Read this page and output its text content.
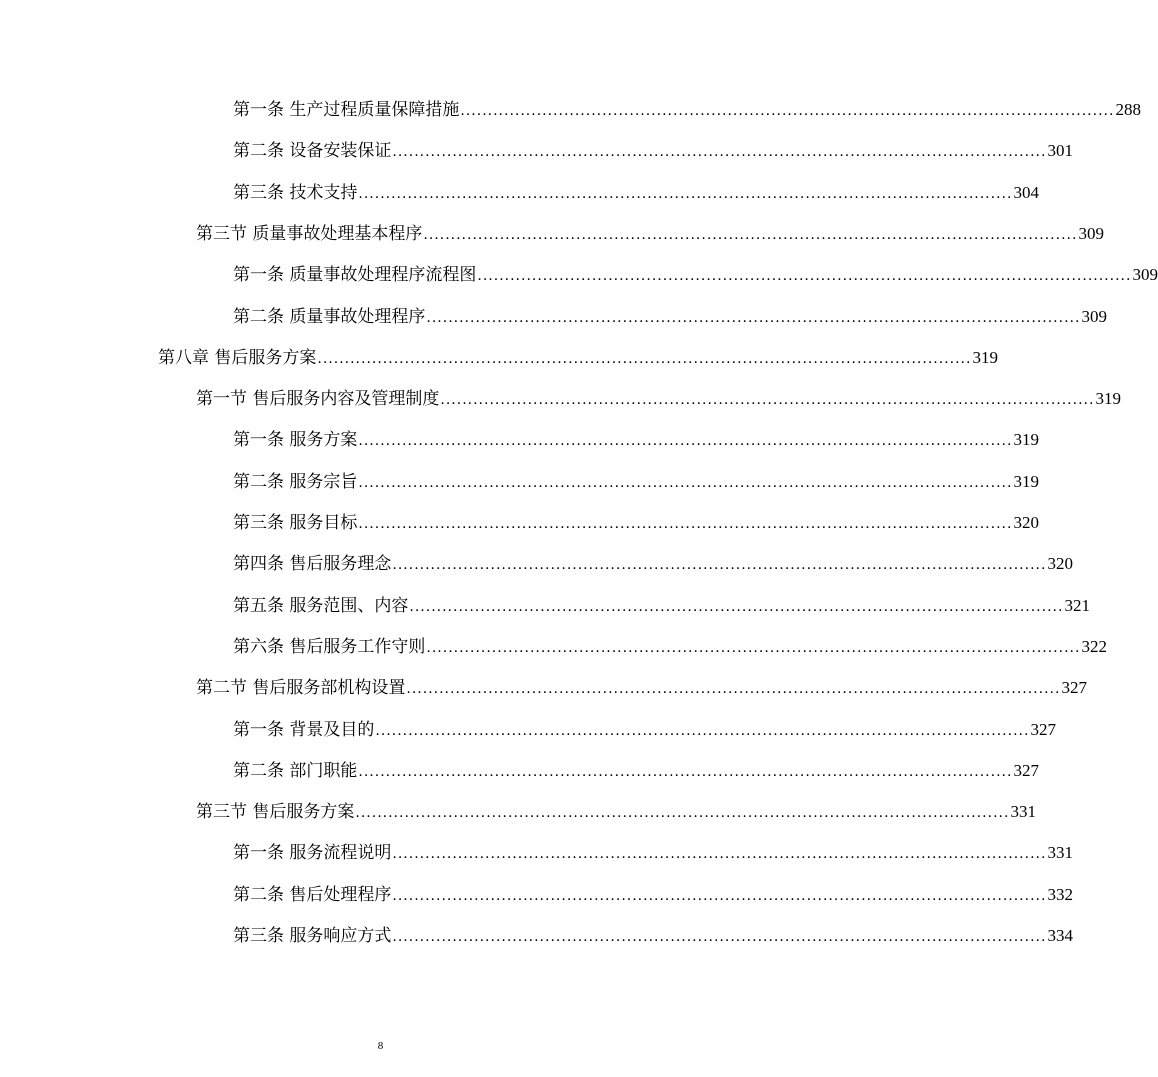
第一条 生产过程质量保障措施 ........................................................................................................................ 288
第二条 设备安装保证 ........................................................................................................................ 301
第三条 技术支持 ........................................................................................................................ 304
第三节 质量事故处理基本程序 ........................................................................................................................ 309
第一条 质量事故处理程序流程图 ........................................................................................................................ 309
第二条 质量事故处理程序 ........................................................................................................................ 309
第八章 售后服务方案 ........................................................................................................................ 319
第一节 售后服务内容及管理制度 ........................................................................................................................ 319
第一条 服务方案 ........................................................................................................................ 319
第二条 服务宗旨 ........................................................................................................................ 319
第三条 服务目标 ........................................................................................................................ 320
第四条 售后服务理念 ........................................................................................................................ 320
第五条 服务范围、内容 ........................................................................................................................ 321
第六条 售后服务工作守则 ........................................................................................................................ 322
第二节 售后服务部机构设置 ........................................................................................................................ 327
第一条 背景及目的 ........................................................................................................................ 327
第二条 部门职能 ........................................................................................................................ 327
第三节 售后服务方案 ........................................................................................................................ 331
第一条 服务流程说明 ........................................................................................................................ 331
第二条 售后处理程序 ........................................................................................................................ 332
第三条 服务响应方式 ........................................................................................................................ 334
8
